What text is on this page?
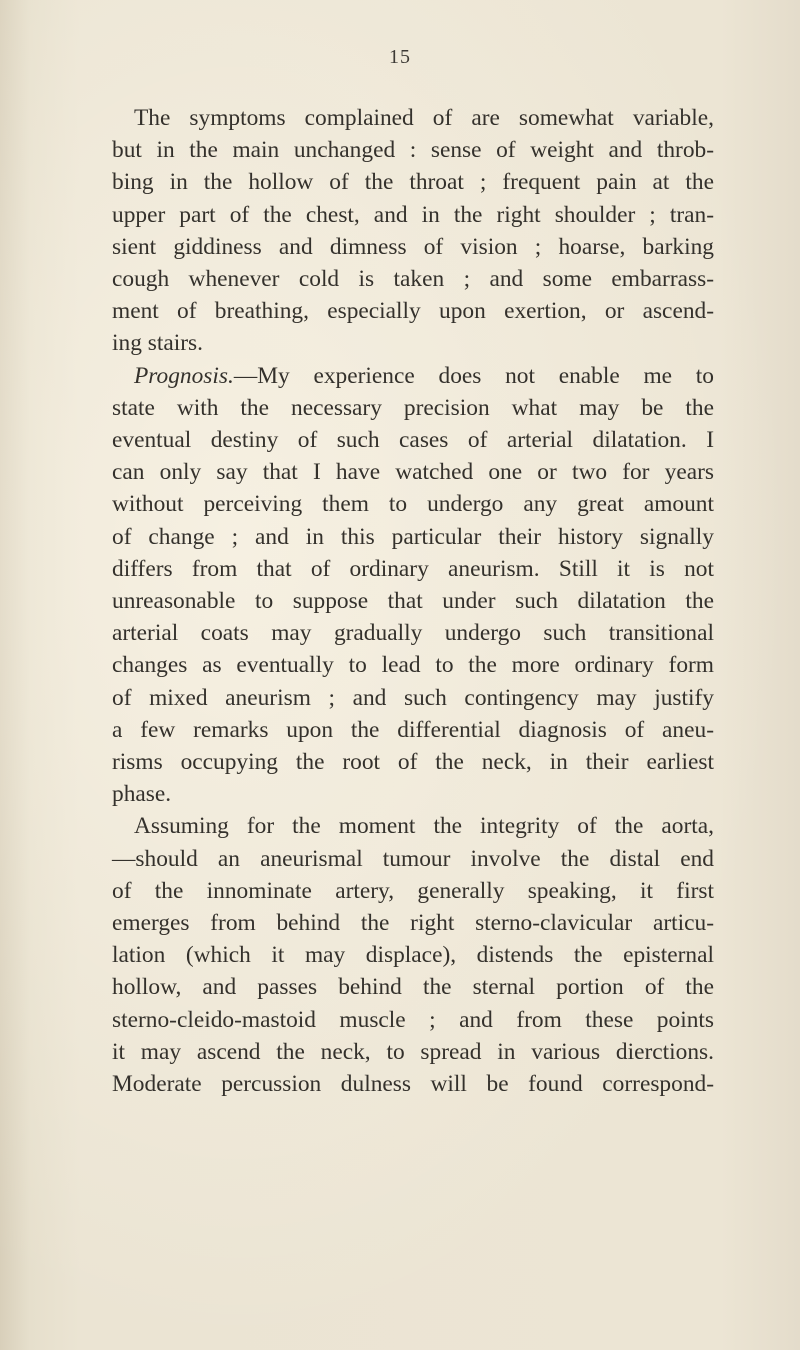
15
The symptoms complained of are somewhat variable,
but in the main unchanged : sense of weight and throb-
bing in the hollow of the throat ; frequent pain at the
upper part of the chest, and in the right shoulder ; tran-
sient giddiness and dimness of vision ; hoarse, barking
cough whenever cold is taken ; and some embarrass-
ment of breathing, especially upon exertion, or ascend-
ing stairs.
Prognosis.—My experience does not enable me to
state with the necessary precision what may be the
eventual destiny of such cases of arterial dilatation. I
can only say that I have watched one or two for years
without perceiving them to undergo any great amount
of change ; and in this particular their history signally
differs from that of ordinary aneurism. Still it is not
unreasonable to suppose that under such dilatation the
arterial coats may gradually undergo such transitional
changes as eventually to lead to the more ordinary form
of mixed aneurism ; and such contingency may justify
a few remarks upon the differential diagnosis of aneu-
risms occupying the root of the neck, in their earliest
phase.
Assuming for the moment the integrity of the aorta,
—should an aneurismal tumour involve the distal end
of the innominate artery, generally speaking, it first
emerges from behind the right sterno-clavicular articu-
lation (which it may displace), distends the episternal
hollow, and passes behind the sternal portion of the
sterno-cleido-mastoid muscle ; and from these points
it may ascend the neck, to spread in various dierctions.
Moderate percussion dulness will be found correspond-
